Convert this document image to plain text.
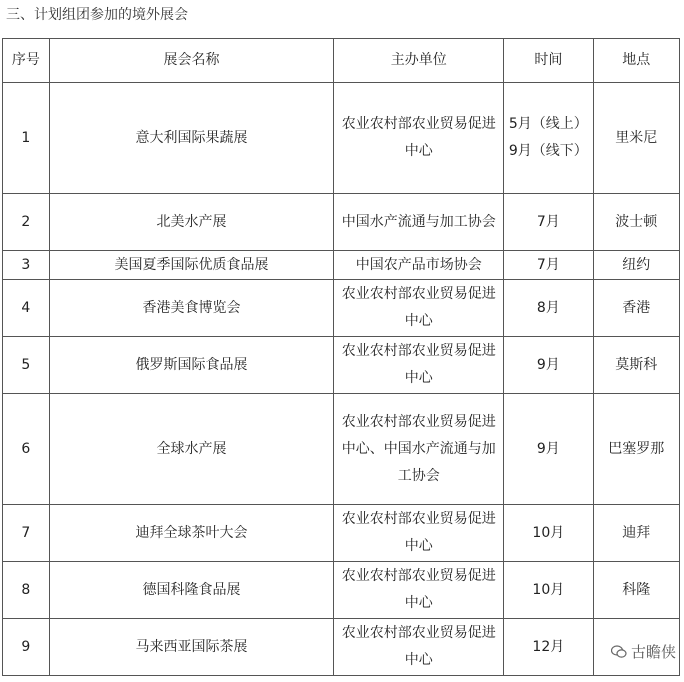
三、计划组团参加的境外展会
序号	展会名称	主办单位	时间	地点
1	意大利国际果蔬展	农业农村部农业贸易促进中心	5月（线上）9月（线下）	里米尼
2	北美水产展	中国水产流通与加工协会	7月	波士顿
3	美国夏季国际优质食品展	中国农产品市场协会	7月	纽约
4	香港美食博览会	农业农村部农业贸易促进中心	8月	香港
5	俄罗斯国际食品展	农业农村部农业贸易促进中心	9月	莫斯科
6	全球水产展	农业农村部农业贸易促进中心、中国水产流通与加工协会	9月	巴塞罗那
7	迪拜全球茶叶大会	农业农村部农业贸易促进中心	10月	迪拜
8	德国科隆食品展	农业农村部农业贸易促进中心	10月	科隆
9	马来西亚国际茶展	农业农村部农业贸易促进中心	12月		古瞻侠
